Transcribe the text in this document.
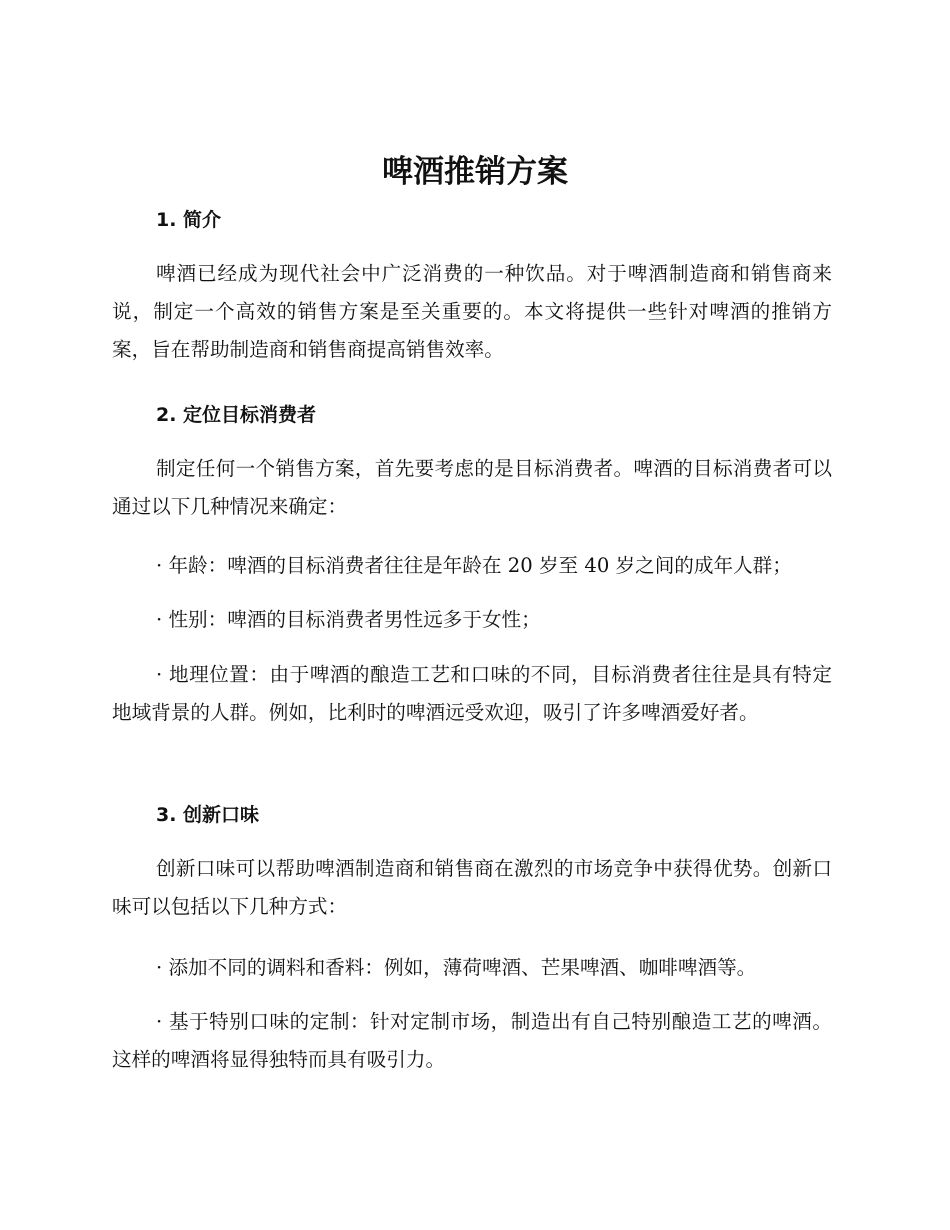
啤酒推销方案
1. 简介

啤酒已经成为现代社会中广泛消费的一种饮品。对于啤酒制造商和销售商来说，制定一个高效的销售方案是至关重要的。本文将提供一些针对啤酒的推销方案，旨在帮助制造商和销售商提高销售效率。

2. 定位目标消费者

制定任何一个销售方案，首先要考虑的是目标消费者。啤酒的目标消费者可以通过以下几种情况来确定：

· 年龄：啤酒的目标消费者往往是年龄在 20 岁至 40 岁之间的成年人群；

· 性别：啤酒的目标消费者男性远多于女性；

· 地理位置：由于啤酒的酿造工艺和口味的不同，目标消费者往往是具有特定地域背景的人群。例如，比利时的啤酒远受欢迎，吸引了许多啤酒爱好者。

3. 创新口味

创新口味可以帮助啤酒制造商和销售商在激烈的市场竞争中获得优势。创新口味可以包括以下几种方式：

· 添加不同的调料和香料：例如，薄荷啤酒、芒果啤酒、咖啡啤酒等。

· 基于特别口味的定制：针对定制市场，制造出有自己特别酿造工艺的啤酒。这样的啤酒将显得独特而具有吸引力。
